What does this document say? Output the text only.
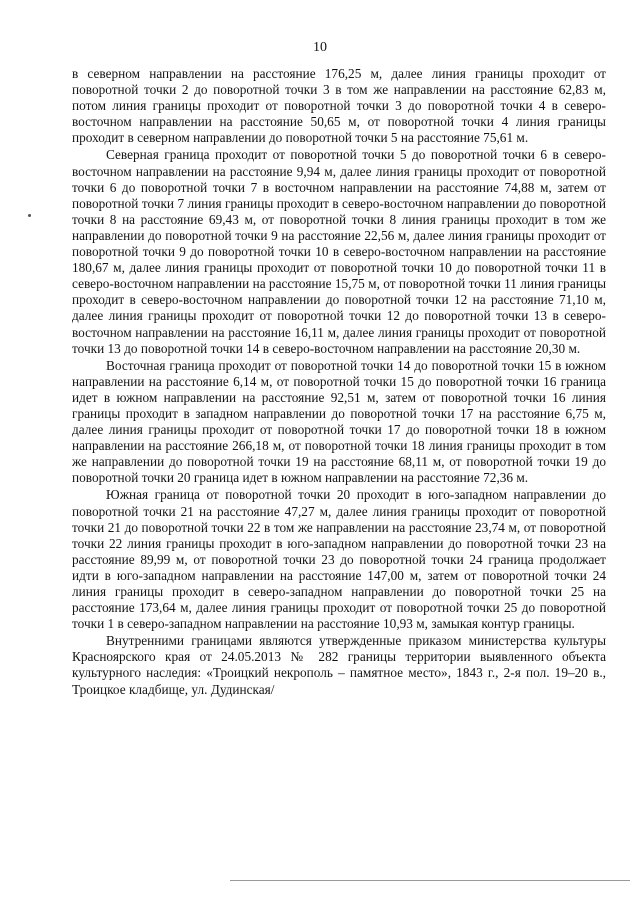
10

в северном направлении на расстояние 176,25 м, далее линия границы проходит от поворотной точки 2 до поворотной точки 3 в том же направлении на расстояние 62,83 м, потом линия границы проходит от поворотной точки 3 до поворотной точки 4 в северо-восточном направлении на расстояние 50,65 м, от поворотной точки 4 линия границы проходит в северном направлении до поворотной точки 5 на расстояние 75,61 м.

Северная граница проходит от поворотной точки 5 до поворотной точки 6 в северо-восточном направлении на расстояние 9,94 м, далее линия границы проходит от поворотной точки 6 до поворотной точки 7 в восточном направлении на расстояние 74,88 м, затем от поворотной точки 7 линия границы проходит в северо-восточном направлении до поворотной точки 8 на расстояние 69,43 м, от поворотной точки 8 линия границы проходит в том же направлении до поворотной точки 9 на расстояние 22,56 м, далее линия границы проходит от поворотной точки 9 до поворотной точки 10 в северо-восточном направлении на расстояние 180,67 м, далее линия границы проходит от поворотной точки 10 до поворотной точки 11 в северо-восточном направлении на расстояние 15,75 м, от поворотной точки 11 линия границы проходит в северо-восточном направлении до поворотной точки 12 на расстояние 71,10 м, далее линия границы проходит от поворотной точки 12 до поворотной точки 13 в северо-восточном направлении на расстояние 16,11 м, далее линия границы проходит от поворотной точки 13 до поворотной точки 14 в северо-восточном направлении на расстояние 20,30 м.

Восточная граница проходит от поворотной точки 14 до поворотной точки 15 в южном направлении на расстояние 6,14 м, от поворотной точки 15 до поворотной точки 16 граница идет в южном направлении на расстояние 92,51 м, затем от поворотной точки 16 линия границы проходит в западном направлении до поворотной точки 17 на расстояние 6,75 м, далее линия границы проходит от поворотной точки 17 до поворотной точки 18 в южном направлении на расстояние 266,18 м, от поворотной точки 18 линия границы проходит в том же направлении до поворотной точки 19 на расстояние 68,11 м, от поворотной точки 19 до поворотной точки 20 граница идет в южном направлении на расстояние 72,36 м.

Южная граница от поворотной точки 20 проходит в юго-западном направлении до поворотной точки 21 на расстояние 47,27 м, далее линия границы проходит от поворотной точки 21 до поворотной точки 22 в том же направлении на расстояние 23,74 м, от поворотной точки 22 линия границы проходит в юго-западном направлении до поворотной точки 23 на расстояние 89,99 м, от поворотной точки 23 до поворотной точки 24 граница продолжает идти в юго-западном направлении на расстояние 147,00 м, затем от поворотной точки 24 линия границы проходит в северо-западном направлении до поворотной точки 25 на расстояние 173,64 м, далее линия границы проходит от поворотной точки 25 до поворотной точки 1 в северо-западном направлении на расстояние 10,93 м, замыкая контур границы.

Внутренними границами являются утвержденные приказом министерства культуры Красноярского края от 24.05.2013 № 282 границы территории выявленного объекта культурного наследия: «Троицкий некрополь – памятное место», 1843 г., 2-я пол. 19–20 в., Троицкое кладбище, ул. Дудинская/
